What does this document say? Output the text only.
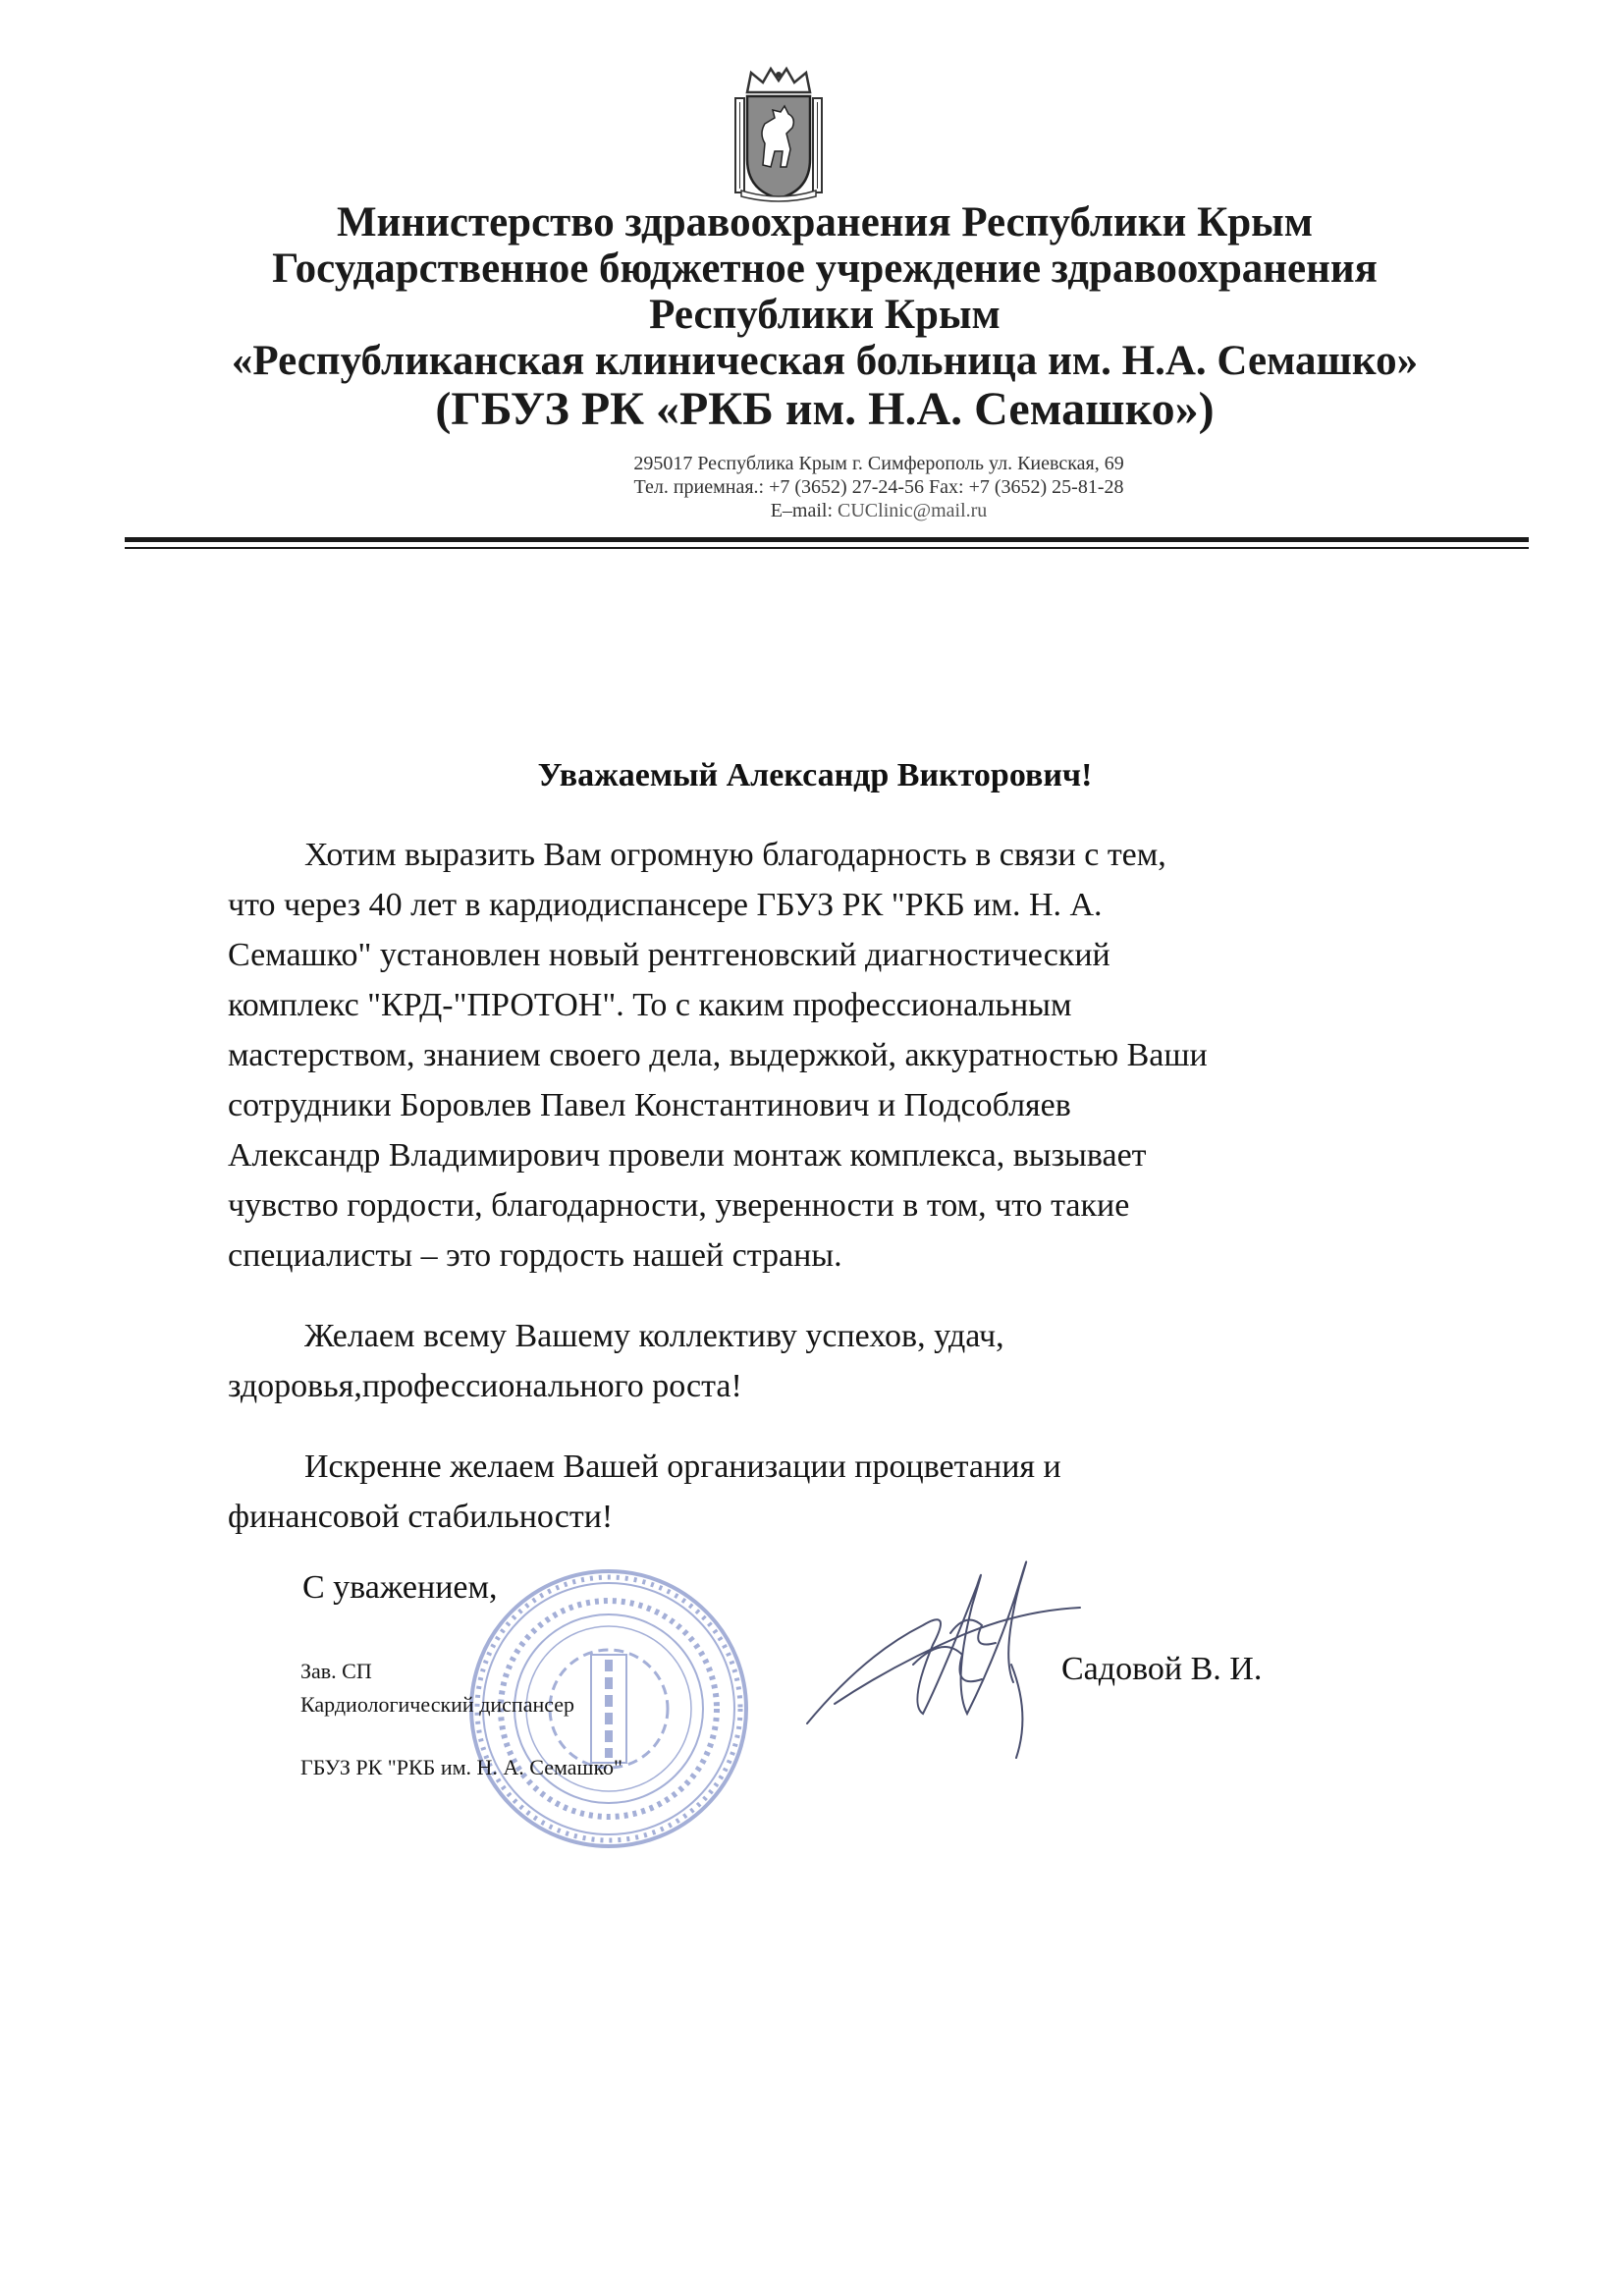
Министерство здравоохранения Республики Крым
Государственное бюджетное учреждение здравоохранения
Республики Крым
«Республиканская клиническая больница им. Н.А. Семашко»
(ГБУЗ РК «РКБ им. Н.А. Семашко»)
295017 Республика Крым г. Симферополь ул. Киевская, 69
Тел. приемная.: +7 (3652) 27-24-56 Fax: +7 (3652) 25-81-28
E–mail: CUClinic@mail.ru
Уважаемый Александр Викторович!
Хотим выразить Вам огромную благодарность в связи с тем,
что через 40 лет в кардиодиспансере ГБУЗ РК "РКБ им. Н. А.
Семашко" установлен новый рентгеновский диагностический
комплекс "КРД-"ПРОТОН". То с каким профессиональным
мастерством, знанием своего дела, выдержкой, аккуратностью Ваши
сотрудники Боровлев Павел Константинович и Подсобляев
Александр Владимирович провели монтаж комплекса, вызывает
чувство гордости, благодарности, уверенности в том, что такие
специалисты – это гордость нашей страны.
Желаем всему Вашему коллективу успехов, удач,
здоровья,профессионального роста!
Искренне желаем Вашей организации процветания и
финансовой стабильности!
С уважением,
Зав. СП
Кардиологический диспансер
ГБУЗ РК "РКБ им. Н. А. Семашко"
Садовой В. И.
